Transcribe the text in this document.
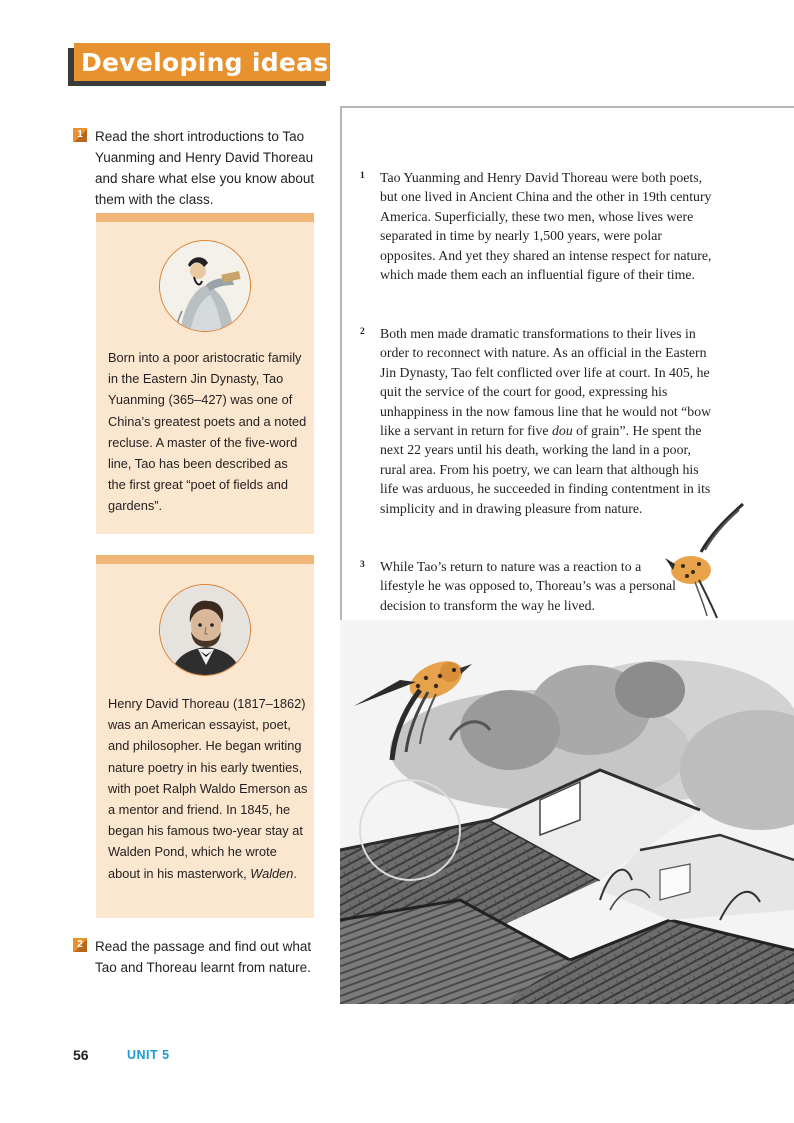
Developing ideas
1 Read the short introductions to Tao Yuanming and Henry David Thoreau and share what else you know about them with the class.

Born into a poor aristocratic family in the Eastern Jin Dynasty, Tao Yuanming (365–427) was one of China’s greatest poets and a noted recluse. A master of the five-word line, Tao has been described as the first great “poet of fields and gardens”.

Henry David Thoreau (1817–1862) was an American essayist, poet, and philosopher. He began writing nature poetry in his early twenties, with poet Ralph Waldo Emerson as a mentor and friend. In 1845, he began his famous two-year stay at Walden Pond, which he wrote about in his masterwork, Walden.

2 Read the passage and find out what Tao and Thoreau learnt from nature.

1	Tao Yuanming and Henry David Thoreau were both poets, but one lived in Ancient China and the other in 19th century America. Superficially, these two men, whose lives were separated in time by nearly 1,500 years, were polar opposites. And yet they shared an intense respect for nature, which made them each an influential figure of their time.

2	Both men made dramatic transformations to their lives in order to reconnect with nature. As an official in the Eastern Jin Dynasty, Tao felt conflicted over life at court. In 405, he quit the service of the court for good, expressing his unhappiness in the now famous line that he would not “bow like a servant in return for five dou of grain”. He spent the next 22 years until his death, working the land in a poor, rural area. From his poetry, we can learn that although his life was arduous, he succeeded in finding contentment in its simplicity and in drawing pleasure from nature.

3	While Tao’s return to nature was a reaction to a lifestyle he was opposed to, Thoreau’s was a personal decision to transform the way he lived.

56	UNIT 5
